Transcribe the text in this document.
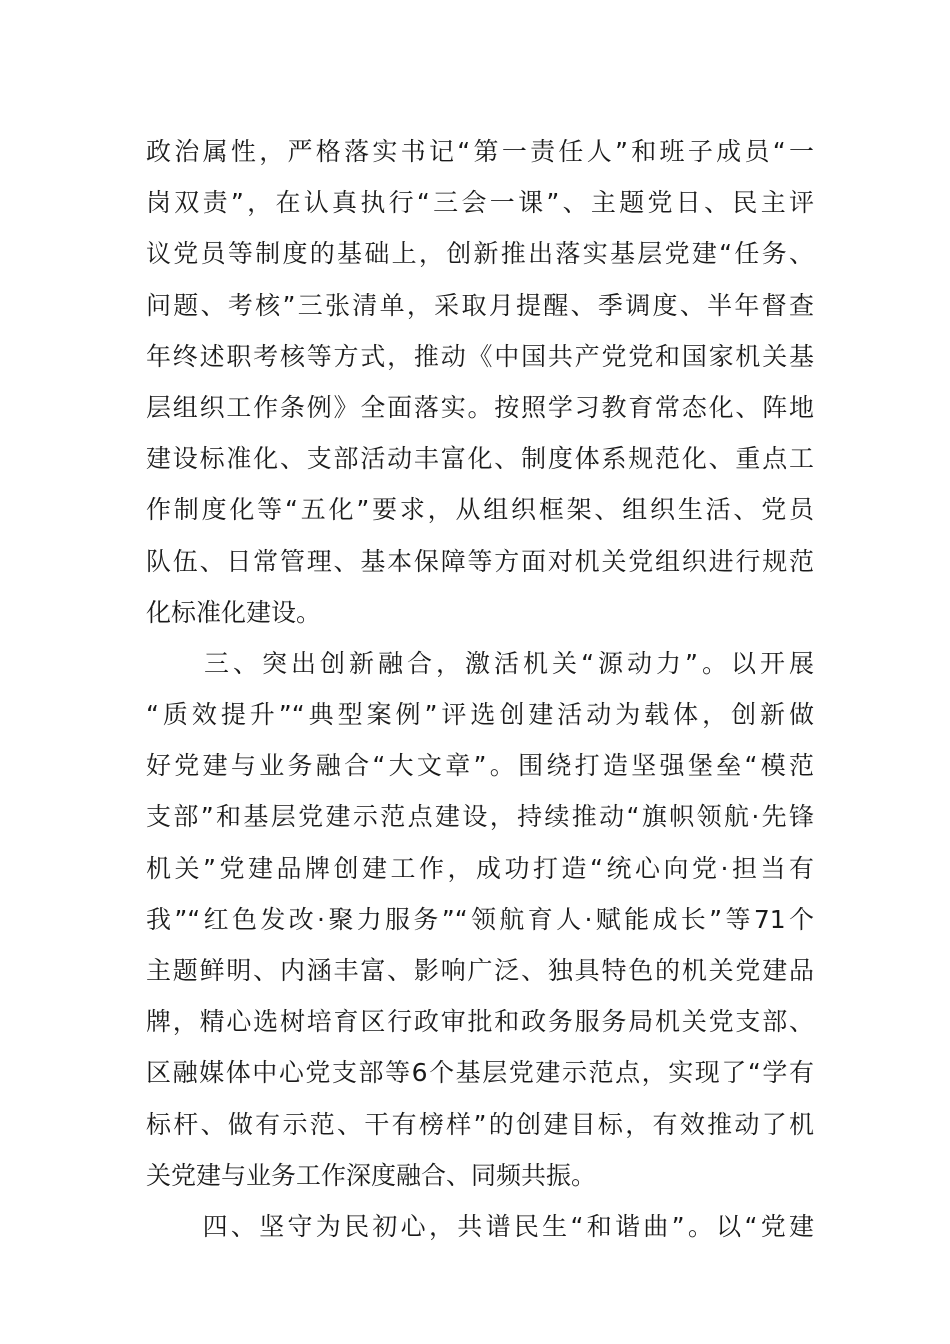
政治属性，严格落实书记“第一责任人”和班子成员“一
岗双责”，在认真执行“三会一课”、主题党日、民主评
议党员等制度的基础上，创新推出落实基层党建“任务、
问题、考核”三张清单，采取月提醒、季调度、半年督查
年终述职考核等方式，推动《中国共产党党和国家机关基
层组织工作条例》全面落实。按照学习教育常态化、阵地
建设标准化、支部活动丰富化、制度体系规范化、重点工
作制度化等“五化”要求，从组织框架、组织生活、党员
队伍、日常管理、基本保障等方面对机关党组织进行规范
化标准化建设。
　　三、突出创新融合，激活机关“源动力”。以开展
“质效提升”“典型案例”评选创建活动为载体，创新做
好党建与业务融合“大文章”。围绕打造坚强堡垒“模范
支部”和基层党建示范点建设，持续推动“旗帜领航·先锋
机关”党建品牌创建工作，成功打造“统心向党·担当有
我”“红色发改·聚力服务”“领航育人·赋能成长”等71个
主题鲜明、内涵丰富、影响广泛、独具特色的机关党建品
牌，精心选树培育区行政审批和政务服务局机关党支部、
区融媒体中心党支部等6个基层党建示范点，实现了“学有
标杆、做有示范、干有榜样”的创建目标，有效推动了机
关党建与业务工作深度融合、同频共振。
　　四、坚守为民初心，共谱民生“和谐曲”。以“党建
